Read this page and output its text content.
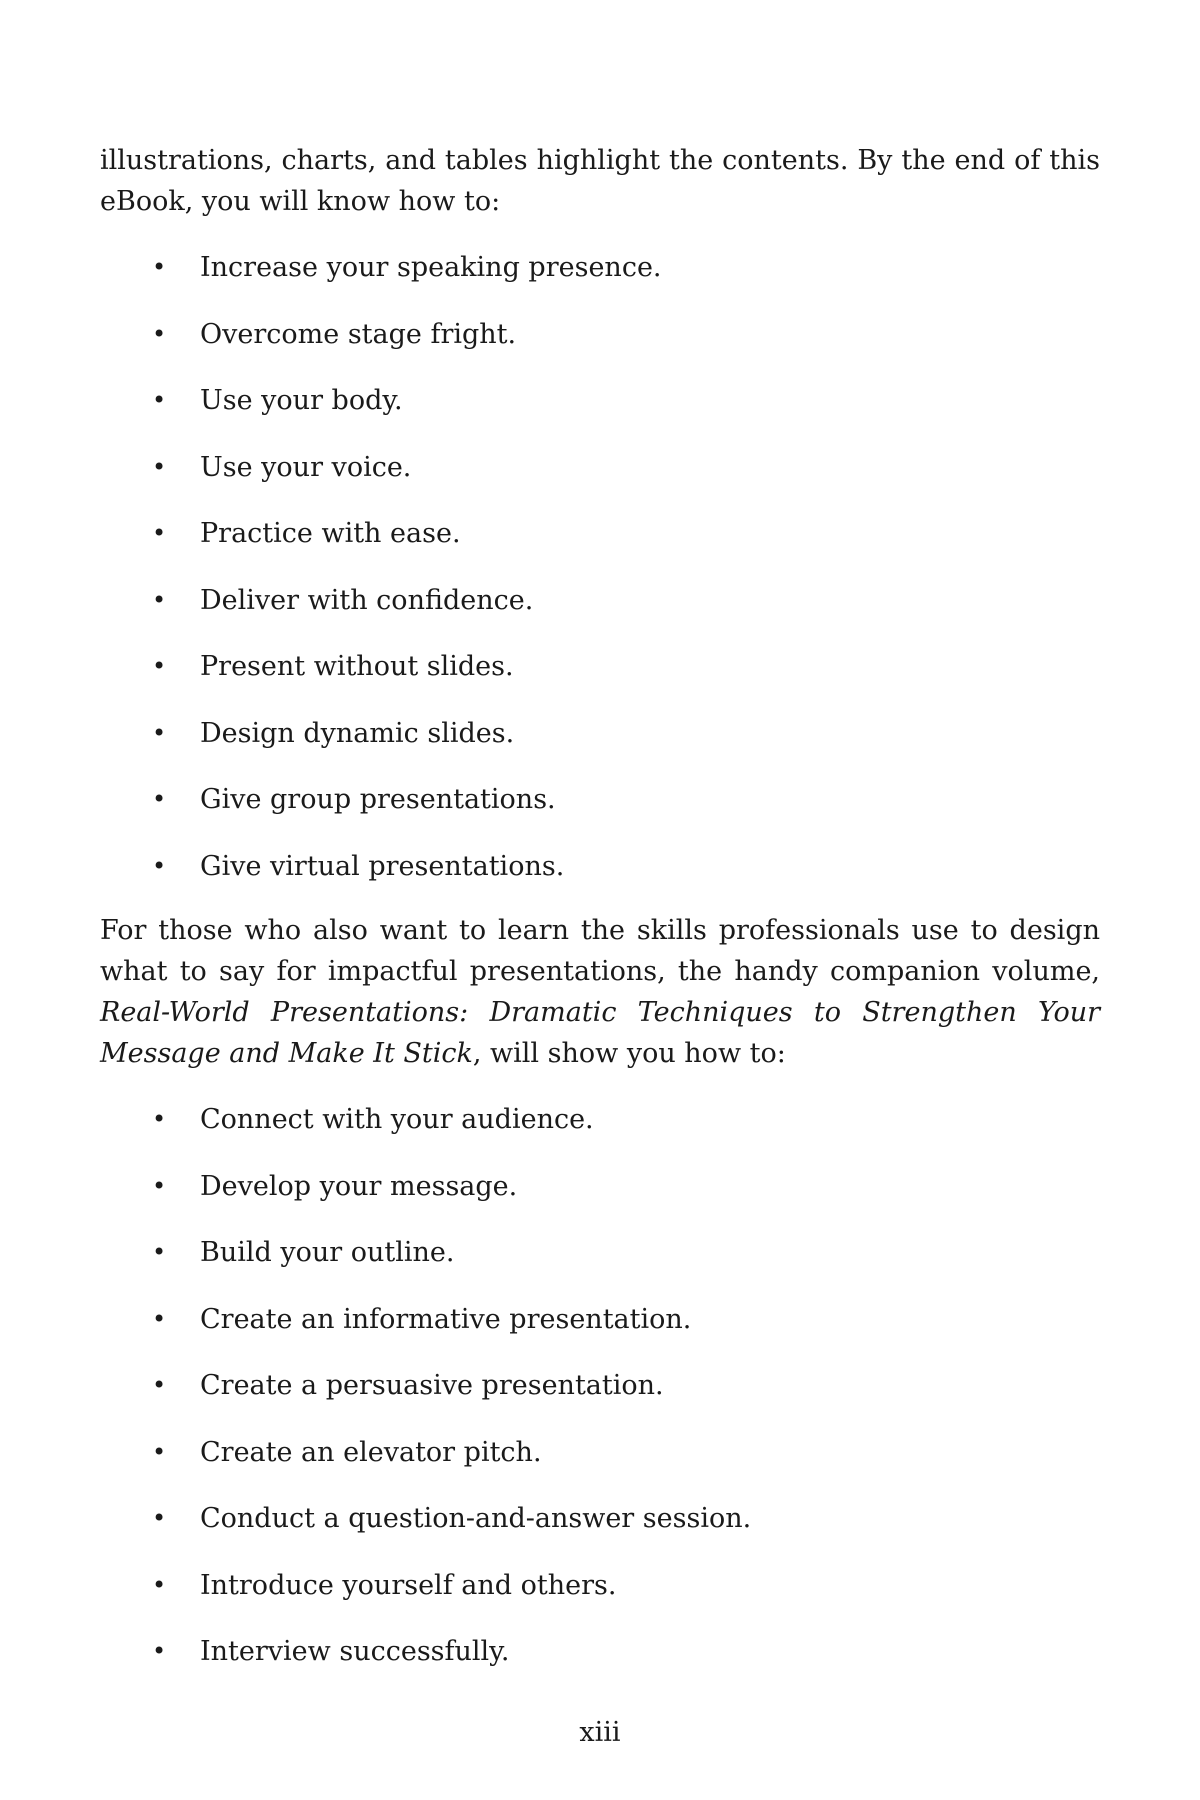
illustrations, charts, and tables highlight the contents. By the end of this eBook, you will know how to:

• Increase your speaking presence.
• Overcome stage fright.
• Use your body.
• Use your voice.
• Practice with ease.
• Deliver with confidence.
• Present without slides.
• Design dynamic slides.
• Give group presentations.
• Give virtual presentations.

For those who also want to learn the skills professionals use to design what to say for impactful presentations, the handy companion volume, Real-World Presentations: Dramatic Techniques to Strengthen Your Message and Make It Stick, will show you how to:

• Connect with your audience.
• Develop your message.
• Build your outline.
• Create an informative presentation.
• Create a persuasive presentation.
• Create an elevator pitch.
• Conduct a question-and-answer session.
• Introduce yourself and others.
• Interview successfully.
xiii
